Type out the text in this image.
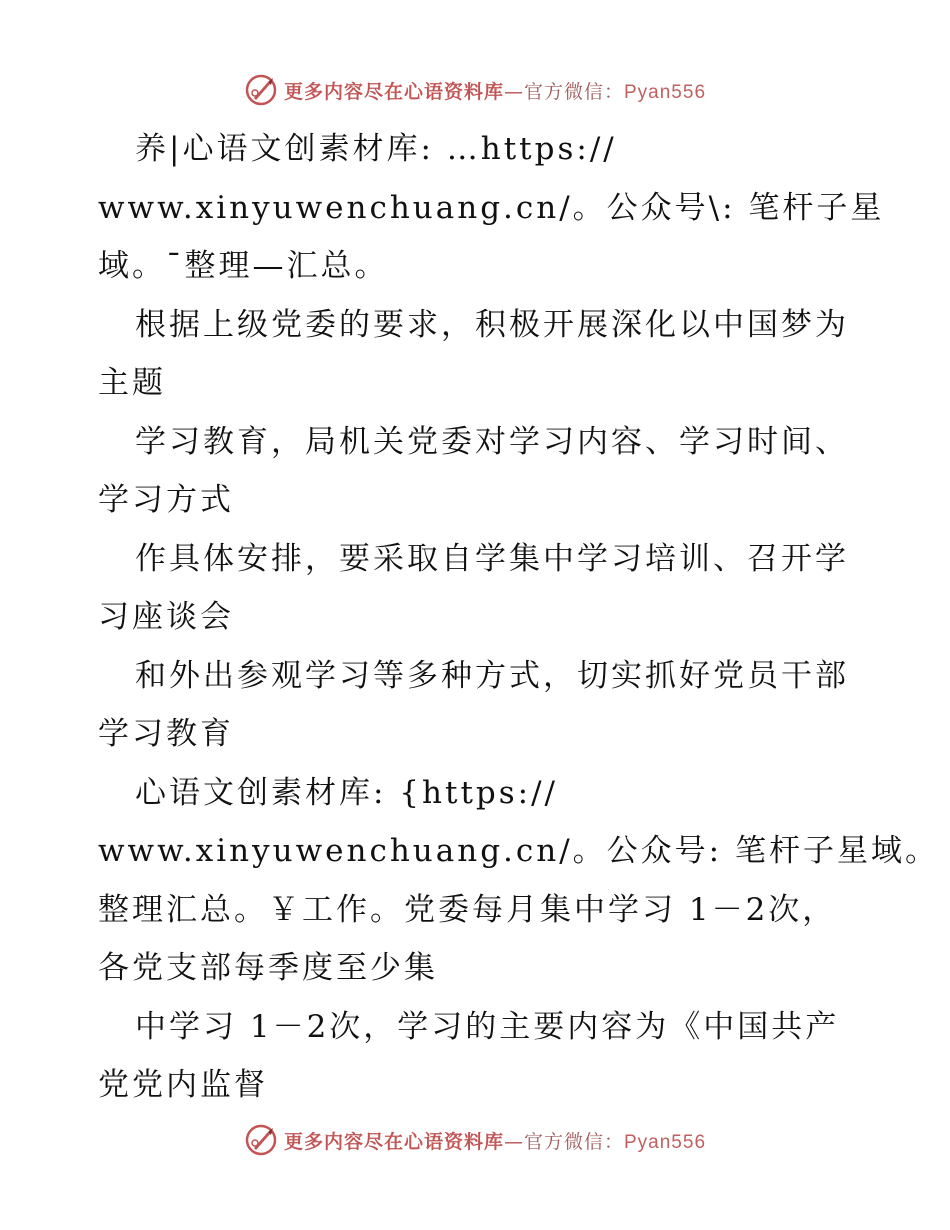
更多内容尽在心语资料库—官方微信：Pyan556
养|心语文创素材库: …https://
www.xinyuwenchuang.cn/。公众号\: 笔杆子星
域。¯整理—汇总。
根据上级党委的要求，积极开展深化以中国梦为
主题
学习教育，局机关党委对学习内容、学习时间、
学习方式
作具体安排，要采取自学集中学习培训、召开学
习座谈会
和外出参观学习等多种方式，切实抓好党员干部
学习教育
心语文创素材库: {https://
www.xinyuwenchuang.cn/。公众号: 笔杆子星域。
整理汇总。￥工作。党委每月集中学习 1－2次，
各党支部每季度至少集
中学习 1－2次，学习的主要内容为《中国共产
党党内监督
更多内容尽在心语资料库—官方微信：Pyan556
